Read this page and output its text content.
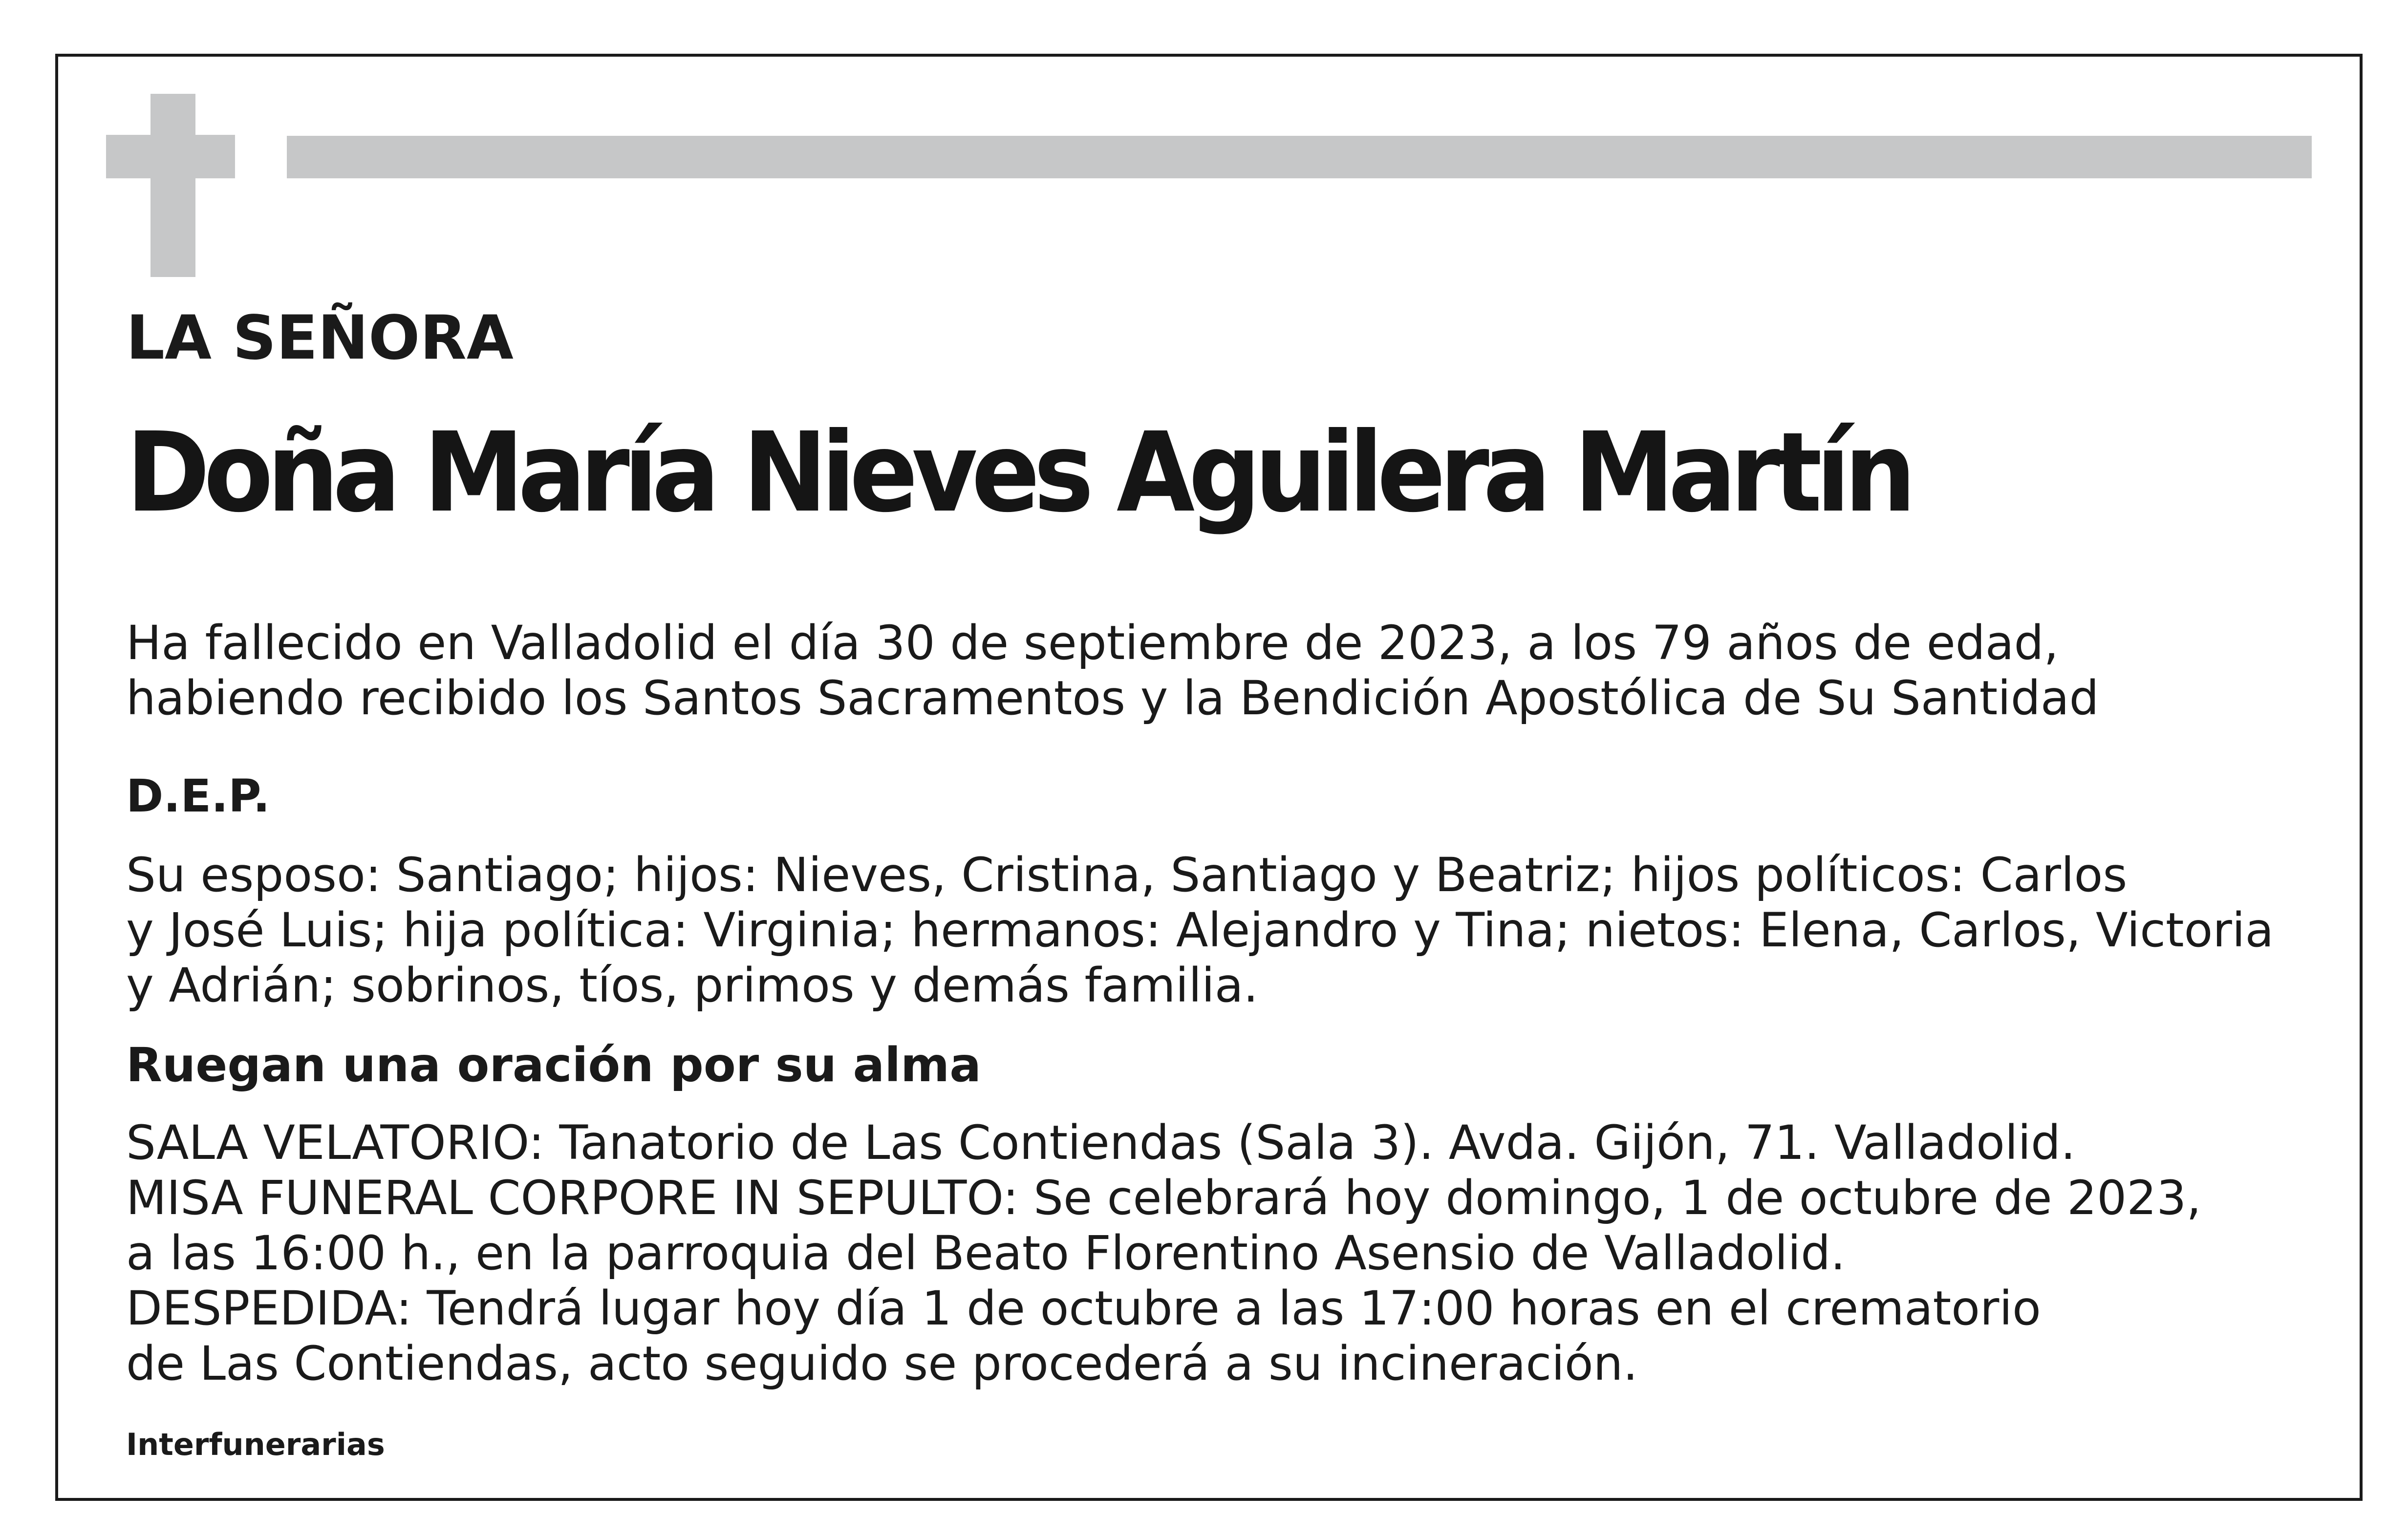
LA SEÑORA

Doña María Nieves Aguilera Martín
Ha fallecido en Valladolid el día 30 de septiembre de 2023, a los 79 años de edad,
habiendo recibido los Santos Sacramentos y la Bendición Apostólica de Su Santidad

D.E.P.

Su esposo: Santiago; hijos: Nieves, Cristina, Santiago y Beatriz; hijos políticos: Carlos
y José Luis; hija política: Virginia; hermanos: Alejandro y Tina; nietos: Elena, Carlos, Victoria
y Adrián; sobrinos, tíos, primos y demás familia.

Ruegan una oración por su alma

SALA VELATORIO: Tanatorio de Las Contiendas (Sala 3). Avda. Gijón, 71. Valladolid.
MISA FUNERAL CORPORE IN SEPULTO: Se celebrará hoy domingo, 1 de octubre de 2023,
a las 16:00 h., en la parroquia del Beato Florentino Asensio de Valladolid.
DESPEDIDA: Tendrá lugar hoy día 1 de octubre a las 17:00 horas en el crematorio
de Las Contiendas, acto seguido se procederá a su incineración.

Interfunerarias
